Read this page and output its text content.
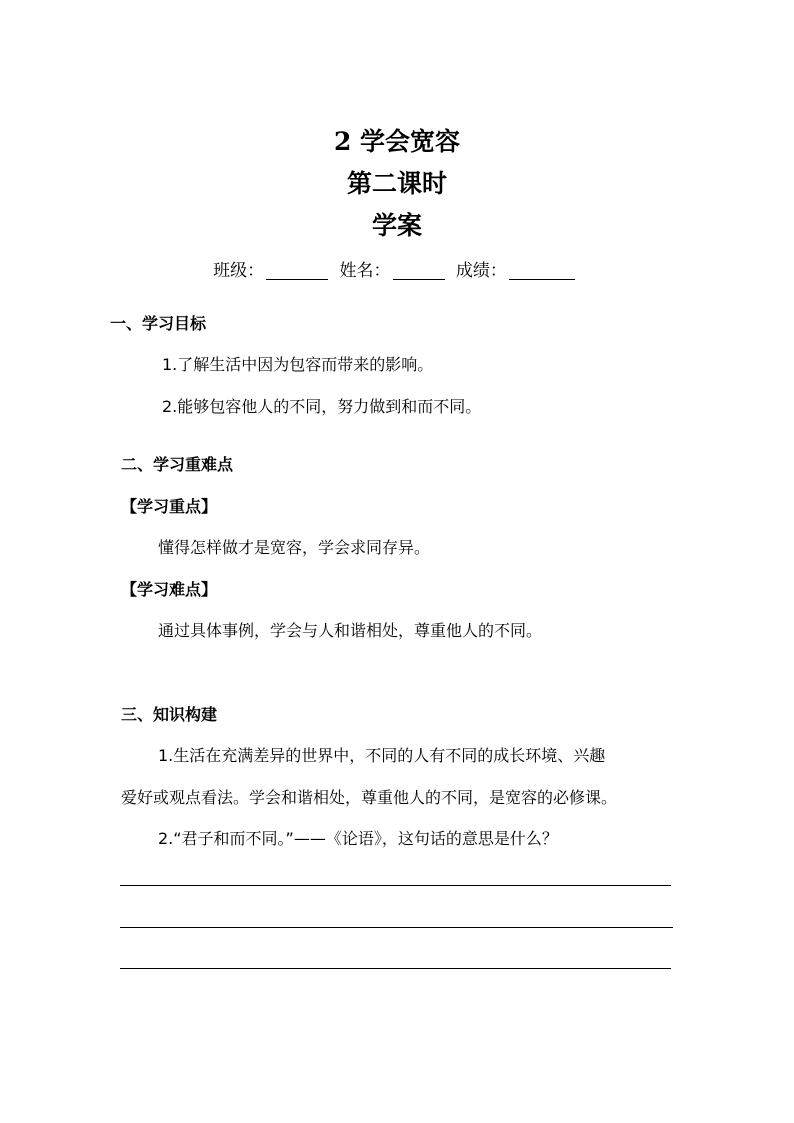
2 学会宽容
第二课时
学案
班级：	姓名：	成绩：
一、学习目标
1.了解生活中因为包容而带来的影响。
2.能够包容他人的不同，努力做到和而不同。
二、学习重难点
【学习重点】
懂得怎样做才是宽容，学会求同存异。
【学习难点】
通过具体事例，学会与人和谐相处，尊重他人的不同。
三、知识构建
1.生活在充满差异的世界中，不同的人有不同的成长环境、兴趣
爱好或观点看法。学会和谐相处，尊重他人的不同，是宽容的必修课。
2.“君子和而不同。”——《论语》，这句话的意思是什么？
